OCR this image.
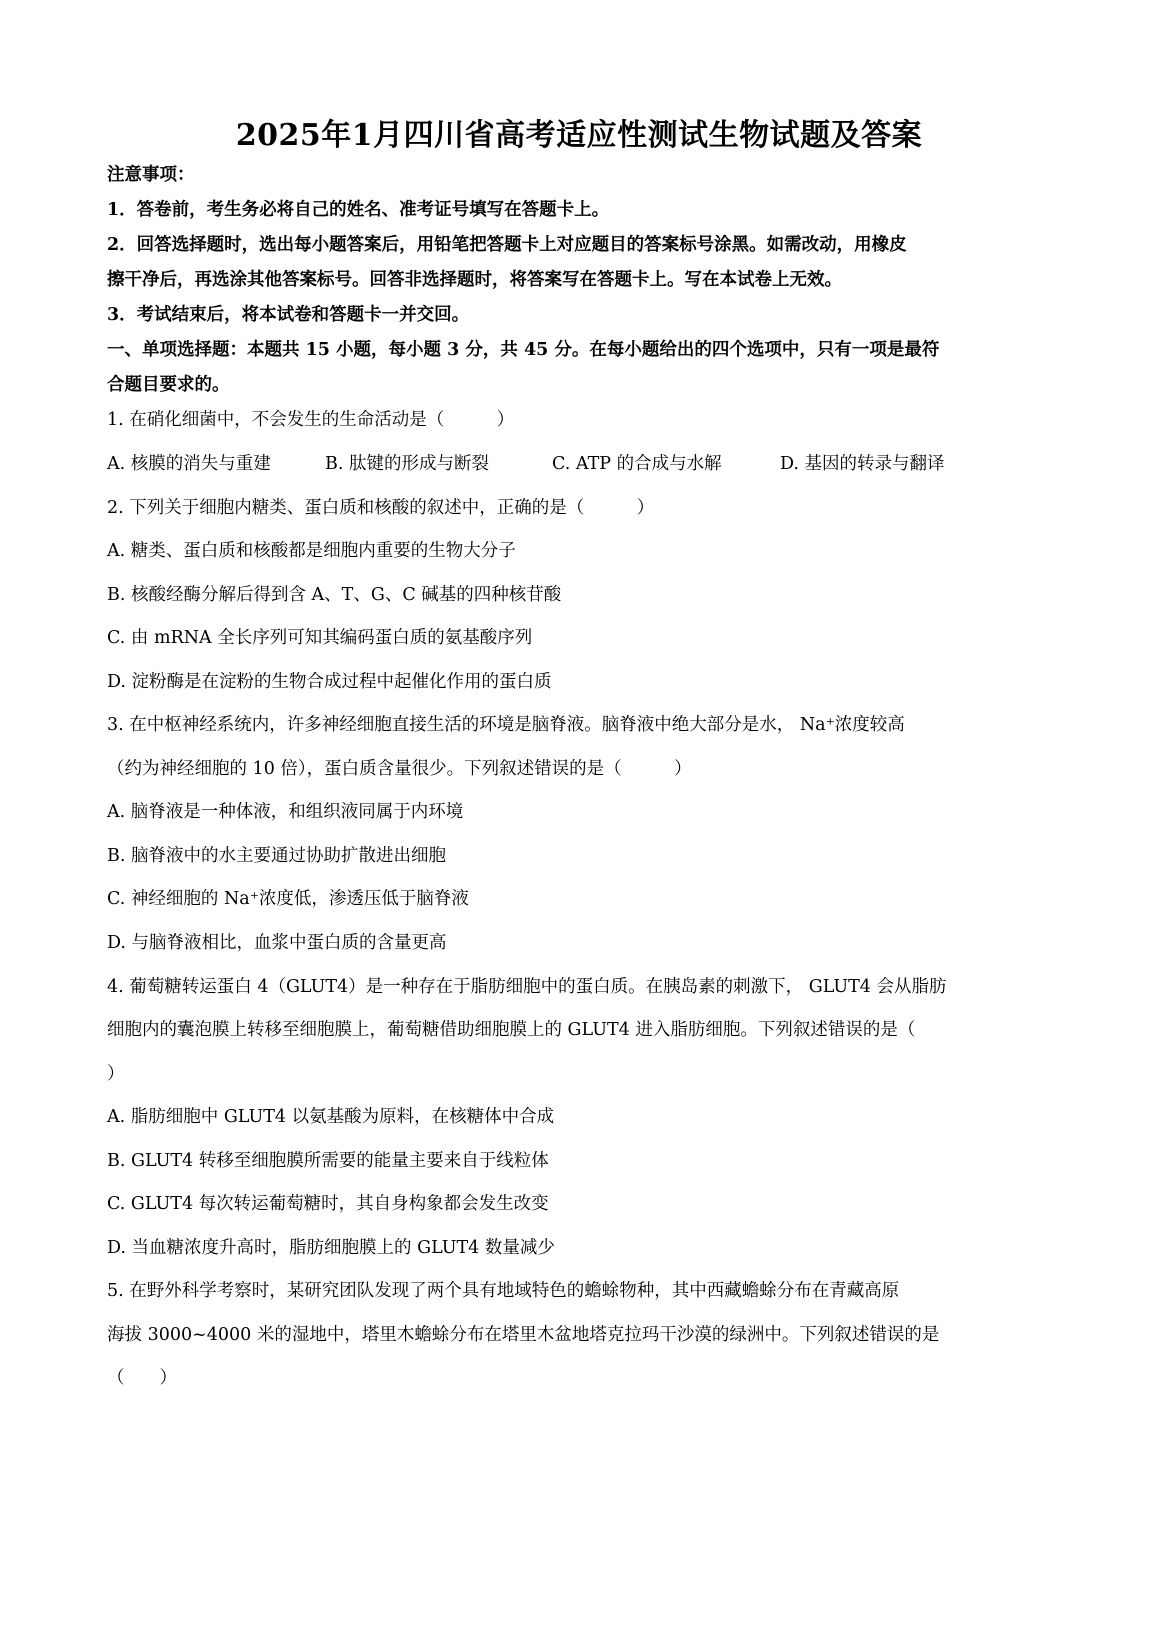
2025年1月四川省高考适应性测试生物试题及答案
注意事项：
1．答卷前，考生务必将自己的姓名、准考证号填写在答题卡上。
2．回答选择题时，选出每小题答案后，用铅笔把答题卡上对应题目的答案标号涂黑。如需改动，用橡皮
擦干净后，再选涂其他答案标号。回答非选择题时，将答案写在答题卡上。写在本试卷上无效。
3．考试结束后，将本试卷和答题卡一并交回。
一、单项选择题：本题共 15 小题，每小题 3 分，共 45 分。在每小题给出的四个选项中，只有一项是最符
合题目要求的。
1. 在硝化细菌中，不会发生的生命活动是（　　　）
A. 核膜的消失与重建	B. 肽键的形成与断裂	C. ATP 的合成与水解	D. 基因的转录与翻译
2. 下列关于细胞内糖类、蛋白质和核酸的叙述中，正确的是（　　　）
A. 糖类、蛋白质和核酸都是细胞内重要的生物大分子
B. 核酸经酶分解后得到含 A、T、G、C 碱基的四种核苷酸
C. 由 mRNA 全长序列可知其编码蛋白质的氨基酸序列
D. 淀粉酶是在淀粉的生物合成过程中起催化作用的蛋白质
3. 在中枢神经系统内，许多神经细胞直接生活的环境是脑脊液。脑脊液中绝大部分是水， Na⁺浓度较高
（约为神经细胞的 10 倍），蛋白质含量很少。下列叙述错误的是（　　　）
A. 脑脊液是一种体液，和组织液同属于内环境
B. 脑脊液中的水主要通过协助扩散进出细胞
C. 神经细胞的 Na⁺浓度低，渗透压低于脑脊液
D. 与脑脊液相比，血浆中蛋白质的含量更高
4. 葡萄糖转运蛋白 4（GLUT4）是一种存在于脂肪细胞中的蛋白质。在胰岛素的刺激下， GLUT4 会从脂肪
细胞内的囊泡膜上转移至细胞膜上，葡萄糖借助细胞膜上的 GLUT4 进入脂肪细胞。下列叙述错误的是（
）
A. 脂肪细胞中 GLUT4 以氨基酸为原料，在核糖体中合成
B. GLUT4 转移至细胞膜所需要的能量主要来自于线粒体
C. GLUT4 每次转运葡萄糖时，其自身构象都会发生改变
D. 当血糖浓度升高时，脂肪细胞膜上的 GLUT4 数量减少
5. 在野外科学考察时，某研究团队发现了两个具有地域特色的蟾蜍物种，其中西藏蟾蜍分布在青藏高原
海拔 3000~4000 米的湿地中，塔里木蟾蜍分布在塔里木盆地塔克拉玛干沙漠的绿洲中。下列叙述错误的是
（　　）
